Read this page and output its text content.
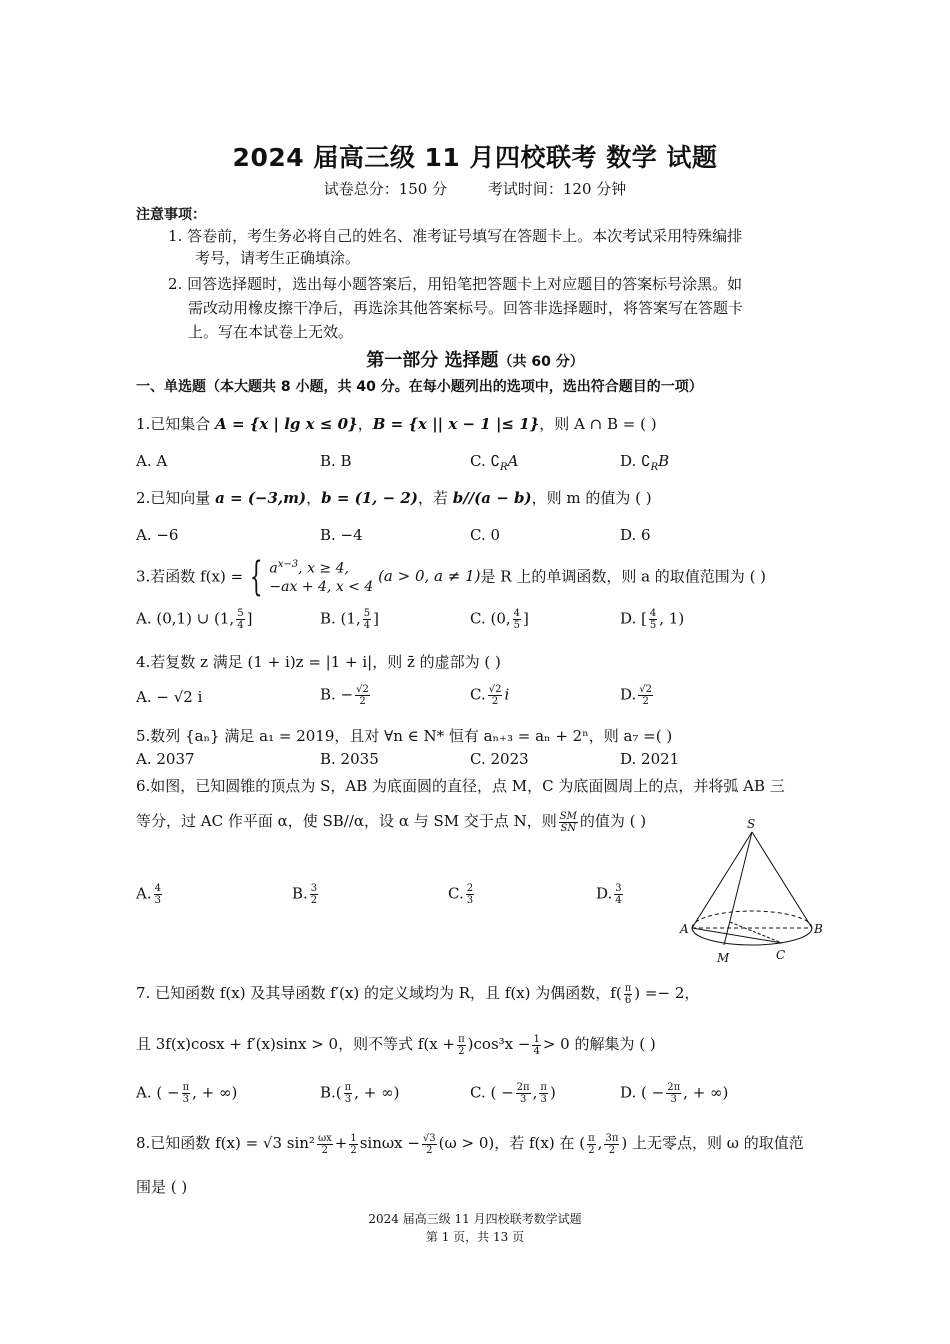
2024 届高三级 11 月四校联考 数学 试题
试卷总分：150 分	考试时间：120 分钟
注意事项：
1. 答卷前，考生务必将自己的姓名、准考证号填写在答题卡上。本次考试采用特殊编排
考号，请考生正确填涂。
2. 回答选择题时，选出每小题答案后，用铅笔把答题卡上对应题目的答案标号涂黑。如
需改动用橡皮擦干净后，再选涂其他答案标号。回答非选择题时，将答案写在答题卡
上。写在本试卷上无效。
第一部分 选择题（共 60 分）
一、单选题（本大题共 8 小题，共 40 分。在每小题列出的选项中，选出符合题目的一项）
1.已知集合 A = {x | lg x ≤ 0}，B = {x || x − 1 |≤ 1}，则 A ∩ B = ( )
A. A	B. B	C. $∁_RA$	D. $∁_RB$
2.已知向量 a = (−3,m)，b = (1, − 2)，若 b//(a − b)，则 m 的值为 ( )
A. −6	B. −4	C. 0	D. 6
3.若函数 f(x) = { $a^{x-3}$, x ≥ 4,
−ax + 4, x < 4
(a > 0, a ≠ 1)是 R 上的单调函数，则 a 的取值范围为 ( )
A. (0,1) ∪ (1, $\frac{5}{4}$ ]	B. (1, $\frac{5}{4}$ ]	C. (0, $\frac{4}{5}$ ]	D. [ $\frac{4}{5}$ , 1)
4.若复数 z 满足 (1 + i)z = |1 + i|，则 z̄ 的虚部为 ( )
A. − √2 i	B. − $\frac{√2}{2}$	C. $\frac{√2}{2}$ i	D. $\frac{√2}{2}$
5.数列 {aₙ} 满足 a₁ = 2019，且对 ∀n ∈ N* 恒有 aₙ₊₃ = aₙ + 2ⁿ，则 a₇ =( )
A. 2037	B. 2035	C. 2023	D. 2021
6.如图，已知圆锥的顶点为 S，AB 为底面圆的直径，点 M，C 为底面圆周上的点，并将弧 AB 三
等分，过 AC 作平面 α，使 SB//α，设 α 与 SM 交于点 N，则 $\frac{SM}{SN}$ 的值为 ( )
A. $\frac{4}{3}$	B. $\frac{3}{2}$	C. $\frac{2}{3}$	D. $\frac{3}{4}$
S
A	B
M	C
7. 已知函数 f(x) 及其导函数 f′(x) 的定义域均为 R，且 f(x) 为偶函数，$f( \frac{\pi}{6}$ ) =− 2，
且 3f(x)cosx + f′(x)sinx > 0，则不等式 $f(x + \frac{\pi}{2} )\cos^3x - \frac{1}{4} > 0$ 的解集为 ( )
A. ( − $\frac{\pi}{3}$ , + ∞)	$B.( \frac{\pi}{3}$ , + ∞)	C. ( − $\frac{2\pi}{3}$ , $\frac{\pi}{3}$ )	D. ( − $\frac{2\pi}{3}$ , + ∞)
8.已知函数 f(x) = √3 $\sin^2 \frac{\omega x}{2} + \frac{1}{2}$ $\sin\omega x - \frac{√3}{2} (\omega > 0)$，若 f(x) 在 ( $\frac{\pi}{2}$ , $\frac{3\pi}{2}$ ) 上无零点，则 ω 的取值范
围是 ( )
2024 届高三级 11 月四校联考数学试题
第 1 页，共 13 页
